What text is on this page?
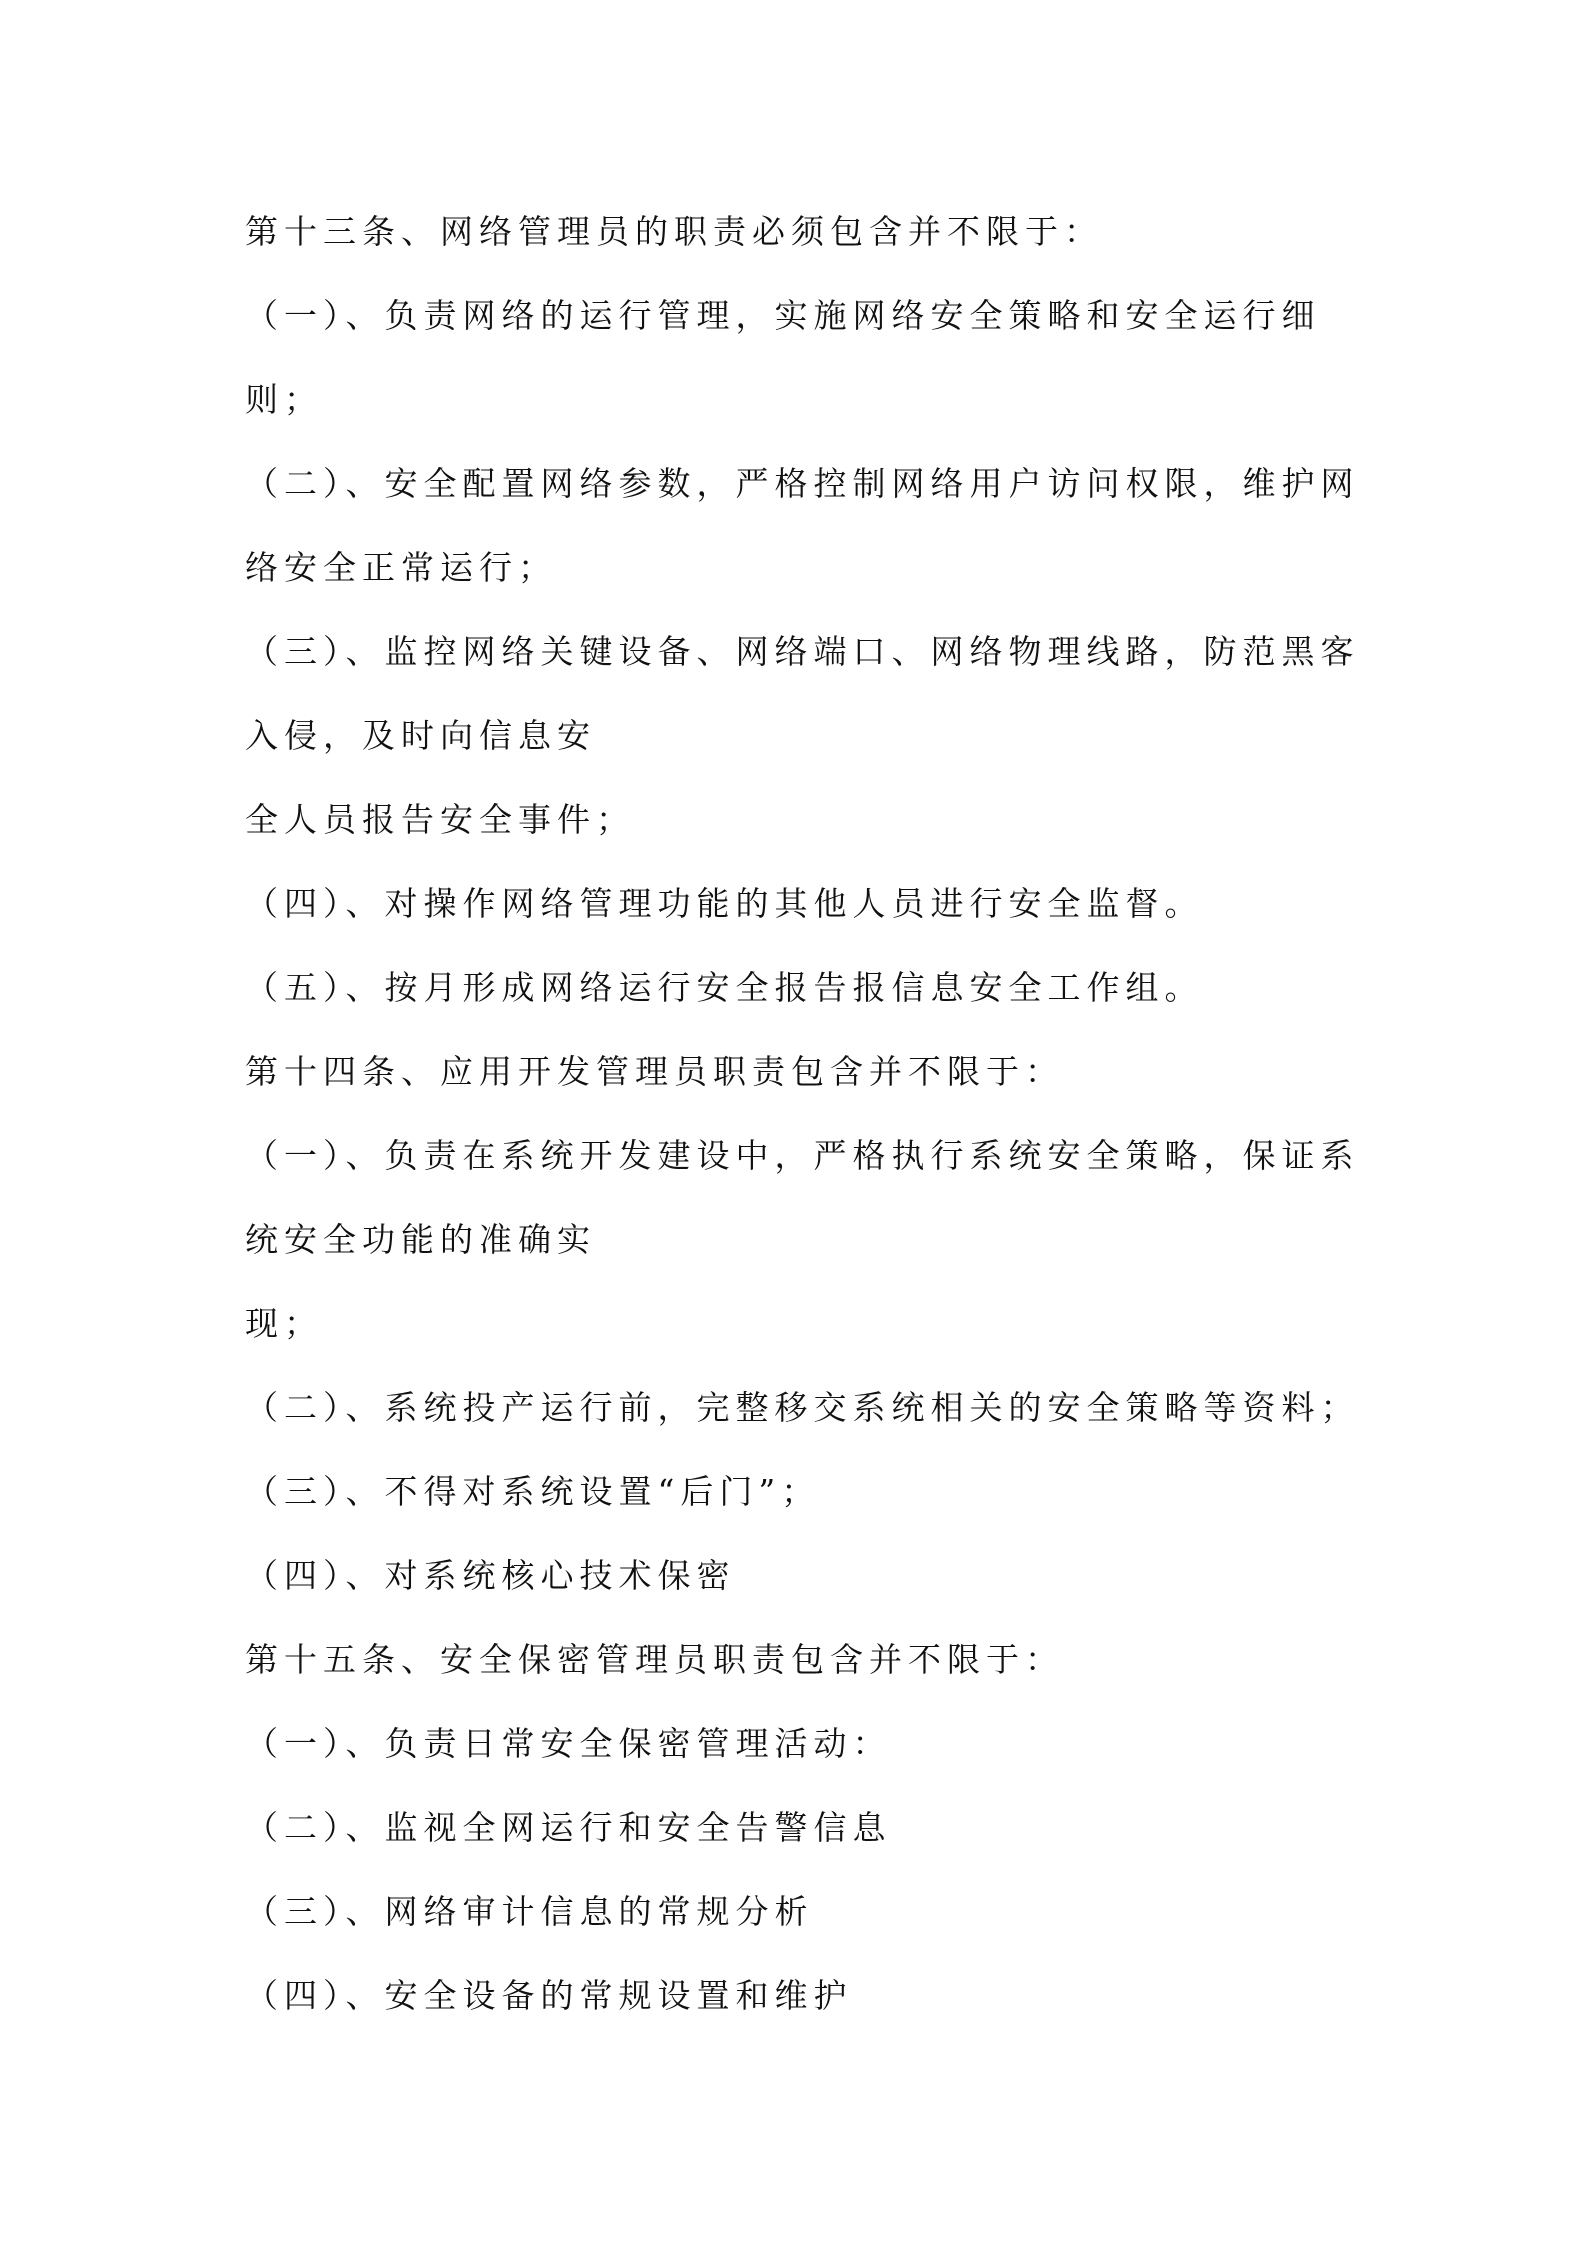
第十三条、网络管理员的职责必须包含并不限于：
（一）、负责网络的运行管理，实施网络安全策略和安全运行细
则；
（二）、安全配置网络参数，严格控制网络用户访问权限，维护网
络安全正常运行；
（三）、监控网络关键设备、网络端口、网络物理线路，防范黑客
入侵，及时向信息安
全人员报告安全事件；
（四）、对操作网络管理功能的其他人员进行安全监督。
（五）、按月形成网络运行安全报告报信息安全工作组。
第十四条、应用开发管理员职责包含并不限于：
（一）、负责在系统开发建设中，严格执行系统安全策略，保证系
统安全功能的准确实
现；
（二）、系统投产运行前，完整移交系统相关的安全策略等资料；
（三）、不得对系统设置“后门”；
（四）、对系统核心技术保密
第十五条、安全保密管理员职责包含并不限于：
（一）、负责日常安全保密管理活动：
（二）、监视全网运行和安全告警信息
（三）、网络审计信息的常规分析
（四）、安全设备的常规设置和维护
